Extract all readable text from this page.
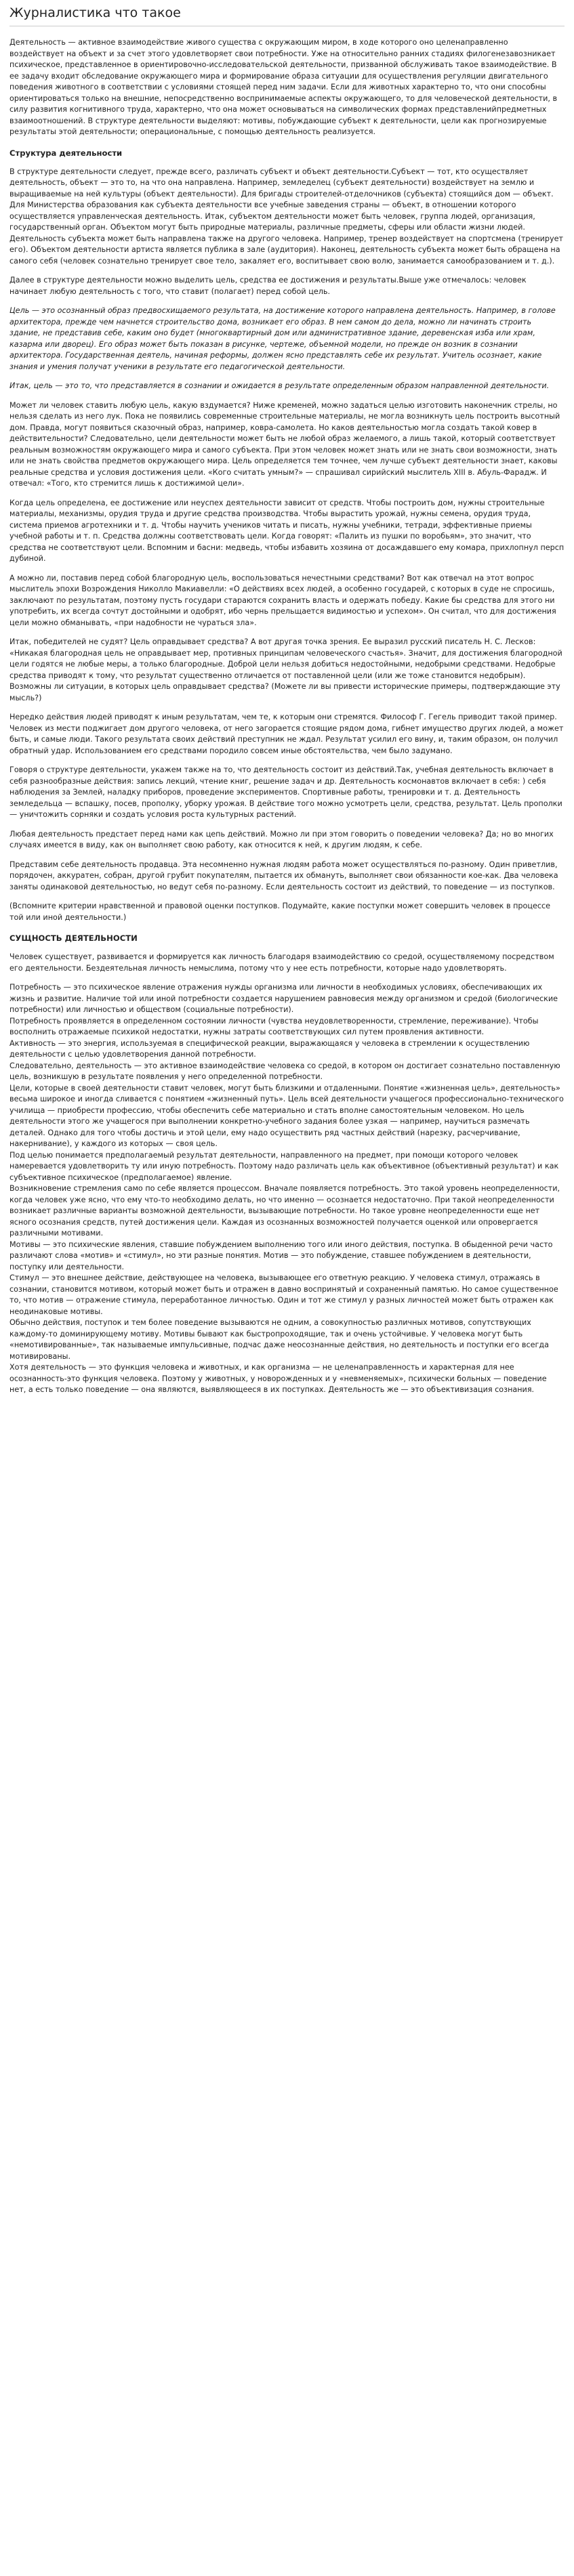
Журналистика что такое

Деятельность — активное взаимодействие живого существа с окружающим миром, в ходе которого оно целенаправленно воздействует на объект и за счет этого удовлетворяет свои потребности. Уже на относительно ранних стадиях филогенезавозникает психическое, представленное в ориентировочно-исследовательской деятельности, призванной обслуживать такое взаимодействие. В ее задачу входит обследование окружающего мира и формирование образа ситуации для осуществления регуляции двигательного поведения животного в соответствии с условиями стоящей перед ним задачи. Если для животных характерно то, что они способны ориентироваться только на внешние, непосредственно воспринимаемые аспекты окружающего, то для человеческой деятельности, в силу развития когнитивного труда, характерно, что она может основываться на символических формах представленийпредметных взаимоотношений. В структуре деятельности выделяют: мотивы, побуждающие субъект к деятельности, цели как прогнозируемые результаты этой деятельности; операциональные, с помощью деятельность реализуется.

Структура деятельности

В структуре деятельности следует, прежде всего, различать субъект и объект деятельности.Субъект — тот, кто осуществляет деятельность, объект — это то, на что она направлена. Например, земледелец (субъект деятельности) воздействует на землю и выращиваемые на ней культуры (объект деятельности). Для бригады строителей-отделочников (субъекта) стоящийся дом — объект. Для Министерства образования как субъекта деятельности все учебные заведения страны — объект, в отношении которого осуществляется управленческая деятельность. Итак, субъектом деятельности может быть человек, группа людей, организация, государственный орган. Объектом могут быть природные материалы, различные предметы, сферы или области жизни людей. Деятельность субъекта может быть направлена также на другого человека. Например, тренер воздействует на спортсмена (тренирует его). Объектом деятельности артиста является публика в зале (аудитория). Наконец, деятельность субъекта может быть обращена на самого себя (человек сознательно тренирует свое тело, закаляет его, воспитывает свою волю, занимается самообразованием и т. д.).

Далее в структуре деятельности можно выделить цель, средства ее достижения и результаты.Выше уже отмечалось: человек начинает любую деятельность с того, что ставит (полагает) перед собой цель.

Цель — это осознанный образ предвосхищаемого результата, на достижение которого направлена деятельность. Например, в голове архитектора, прежде чем начнется строительство дома, возникает его образ. В нем самом до дела, можно ли начинать строить здание, не представив себе, каким оно будет (многоквартирный дом или административное здание, деревенская изба или храм, казарма или дворец). Его образ может быть показан в рисунке, чертеже, объемной модели, но прежде он возник в сознании архитектора. Государственная деятель, начиная реформы, должен ясно представлять себе их результат. Учитель осознает, какие знания и умения получат ученики в результате его педагогической деятельности.

Итак, цель — это то, что представляется в сознании и ожидается в результате определенным образом направленной деятельности.

Может ли человек ставить любую цель, какую вздумается? Ниже кременей, можно задаться целью изготовить наконечник стрелы, но нельзя сделать из него лук. Пока не появились современные строительные материалы, не могла возникнуть цель построить высотный дом. Правда, могут появиться сказочный образ, например, ковра-самолета. Но каков деятельностью могла создать такой ковер в действительности? Следовательно, цели деятельности может быть не любой образ желаемого, а лишь такой, который соответствует реальным возможностям окружающего мира и самого субъекта. При этом человек может знать или не знать свои возможности, знать или не знать свойства предметов окружающего мира. Цель определяется тем точнее, чем лучше субъект деятельности знает, каковы реальные средства и условия достижения цели. «Кого считать умным?» — спрашивал сирийский мыслитель XIII в. Абуль-Фарадж. И отвечал: «Того, кто стремится лишь к достижимой цели».

Когда цель определена, ее достижение или неуспех деятельности зависит от средств. Чтобы построить дом, нужны строительные материалы, механизмы, орудия труда и другие средства производства. Чтобы вырастить урожай, нужны семена, орудия труда, система приемов агротехники и т. д. Чтобы научить учеников читать и писать, нужны учебники, тетради, эффективные приемы учебной работы и т. п. Средства должны соответствовать цели. Когда говорят: «Палить из пушки по воробьям», это значит, что средства не соответствуют цели. Вспомним и басни: медведь, чтобы избавить хозяина от досаждавшего ему комара, прихлопнул персп дубиной.

А можно ли, поставив перед собой благородную цель, воспользоваться нечестными средствами? Вот как отвечал на этот вопрос мыслитель эпохи Возрождения Николло Макиавелли: «О действиях всех людей, а особенно государей, с которых в суде не спросишь, заключают по результатам, поэтому пусть государи стараются сохранить власть и одержать победу. Какие бы средства для этого ни употребить, их всегда сочтут достойными и одобрят, ибо чернь прельщается видимостью и успехом». Он считал, что для достижения цели можно обманывать, «при надобности не чураться зла».

Итак, победителей не судят? Цель оправдывает средства? А вот другая точка зрения. Ее выразил русский писатель Н. С. Лесков: «Никакая благородная цель не оправдывает мер, противных принципам человеческого счастья». Значит, для достижения благородной цели годятся не любые меры, а только благородные. Доброй цели нельзя добиться недостойными, недобрыми средствами. Недобрые средства приводят к тому, что результат существенно отличается от поставленной цели (или же тоже становится недобрым). Возможны ли ситуации, в которых цель оправдывает средства? (Можете ли вы привести исторические примеры, подтверждающие эту мысль?)

Нередко действия людей приводят к иным результатам, чем те, к которым они стремятся. Философ Г. Гегель приводит такой пример. Человек из мести поджигает дом другого человека, от него загорается стоящие рядом дома, гибнет имущество других людей, а может быть, и самые люди. Такого результата своих действий преступник не ждал. Результат усилил его вину, и, таким образом, он получил обратный удар. Использованием его средствами породило совсем иные обстоятельства, чем было задумано.

Говоря о структуре деятельности, укажем также на то, что деятельность состоит из действий.Так, учебная деятельность включает в себя разнообразные действия: запись лекций, чтение книг, решение задач и др. Деятельность космонавтов включает в себя: ) себя наблюдения за Землей, наладку приборов, проведение экспериментов. Спортивные работы, тренировки и т. д. Деятельность земледельца — вспашку, посев, прополку, уборку урожая. В действие того можно усмотреть цели, средства, результат. Цель прополки — уничтожить сорняки и создать условия роста культурных растений.

Любая деятельность предстает перед нами как цепь действий. Можно ли при этом говорить о поведении человека? Да; но во многих случаях имеется в виду, как он выполняет свою работу, как относится к ней, к другим людям, к себе.

Представим себе деятельность продавца. Эта несомненно нужная людям работа может осуществляться по-разному. Один приветлив, порядочен, аккуратен, собран, другой грубит покупателям, пытается их обмануть, выполняет свои обязанности кое-как. Два человека заняты одинаковой деятельностью, но ведут себя по-разному. Если деятельность состоит из действий, то поведение — из поступков.

(Вспомните критерии нравственной и правовой оценки поступков. Подумайте, какие поступки может совершить человек в процессе той или иной деятельности.)

СУЩНОСТЬ ДЕЯТЕЛЬНОСТИ

Человек существует, развивается и формируется как личность благодаря взаимодействию со средой, осуществляемому посредством его деятельности. Бездеятельная личность немыслима, потому что у нее есть потребности, которые надо удовлетворять.

Потребность — это психическое явление отражения нужды организма или личности в необходимых условиях, обеспечивающих их жизнь и развитие. Наличие той или иной потребности создается нарушением равновесия между организмом и средой (биологические потребности) или личностью и обществом (социальные потребности).

Потребность проявляется в определенном состоянии личности (чувства неудовлетворенности, стремление, переживание). Чтобы восполнить отражаемые психикой недостатки, нужны затраты соответствующих сил путем проявления активности.

Активность — это энергия, используемая в специфической реакции, выражающаяся у человека в стремлении к осуществлению деятельности с целью удовлетворения данной потребности.

Следовательно, деятельность — это активное взаимодействие человека со средой, в котором он достигает сознательно поставленную цель, возникшую в результате появления у него определенной потребности.

Цели, которые в своей деятельности ставит человек, могут быть близкими и отдаленными. Понятие «жизненная цель», деятельность» весьма широкое и иногда сливается с понятием «жизненный путь». Цель всей деятельности учащегося профессионально-технического училища — приобрести профессию, чтобы обеспечить себе материально и стать вполне самостоятельным человеком. Но цель деятельности этого же учащегося при выполнении конкретно-учебного задания более узкая — например, научиться размечать деталей. Однако для того чтобы достичь и этой цели, ему надо осуществить ряд частных действий (нарезку, расчерчивание, накернивание), у каждого из которых — своя цель.

Под целью понимается предполагаемый результат деятельности, направленного на предмет, при помощи которого человек намеревается удовлетворить ту или иную потребность. Поэтому надо различать цель как объективное (объективный результат) и как субъективное психическое (предполагаемое) явление.

Возникновение стремления само по себе является процессом. Вначале появляется потребность. Это такой уровень неопределенности, когда человек уже ясно, что ему что-то необходимо делать, но что именно — осознается недостаточно. При такой неопределенности возникает различные варианты возможной деятельности, вызывающие потребности. Но такое уровне неопределенности еще нет ясного осознания средств, путей достижения цели. Каждая из осознанных возможностей получается оценкой или опровергается различными мотивами.

Мотивы — это психические явления, ставшие побуждением выполнению того или иного действия, поступка. В обыденной речи часто различают слова «мотив» и «стимул», но эти разные понятия. Мотив — это побуждение, ставшее побуждением в деятельности, поступку или деятельности.

Стимул — это внешнее действие, действующее на человека, вызывающее его ответную реакцию. У человека стимул, отражаясь в сознании, становится мотивом, который может быть и отражен в давно воспринятый и сохраненный памятью. Но самое существенное то, что мотив — отражение стимула, переработанное личностью. Один и тот же стимул у разных личностей может быть отражен как неодинаковые мотивы.

Обычно действия, поступок и тем более поведение вызываются не одним, а совокупностью различных мотивов, сопутствующих каждому-то доминирующему мотиву. Мотивы бывают как быстропроходящие, так и очень устойчивые. У человека могут быть «немотивированные», так называемые импульсивные, подчас даже неосознанные действия, но деятельность и поступки его всегда мотивированы.

Хотя деятельность — это функция человека и животных, и как организма — не целенаправленность и характерная для нее осознанность-это функция человека. Поэтому у животных, у новорожденных и у «невменяемых», психически больных — поведение нет, а есть только поведение — она являются, выявляющееся в их поступках. Деятельность же — это объективизация сознания.
